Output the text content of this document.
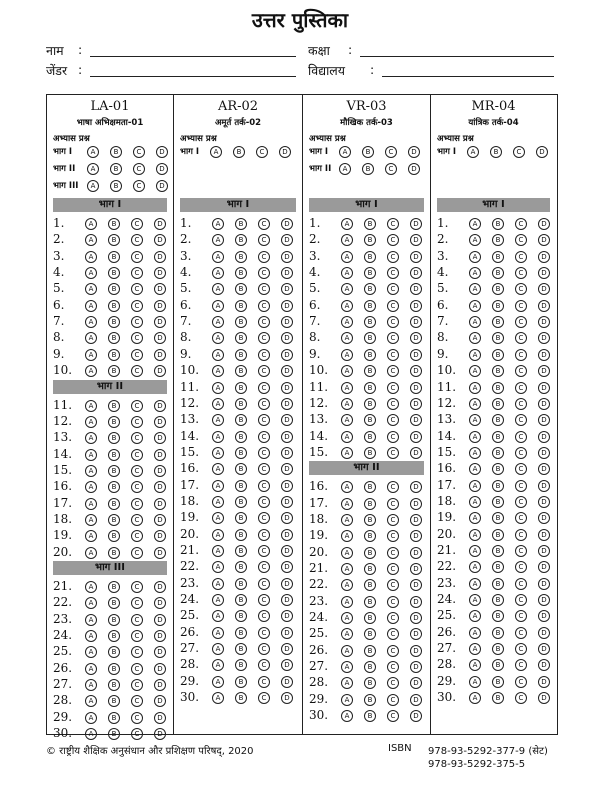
उत्तर पुस्तिका
नाम :	कक्षा :
जेंडर :	विद्यालय :
LA-01
भाषा अभिक्षमता-01
अभ्यास प्रश्न
भाग I	A	B	C	D
भाग II	A	B	C	D
भाग III	A	B	C	D
भाग I
1.	A	B	C	D
2.	A	B	C	D
3.	A	B	C	D
4.	A	B	C	D
5.	A	B	C	D
6.	A	B	C	D
7.	A	B	C	D
8.	A	B	C	D
9.	A	B	C	D
10.	A	B	C	D
भाग II
11.	A	B	C	D
12.	A	B	C	D
13.	A	B	C	D
14.	A	B	C	D
15.	A	B	C	D
16.	A	B	C	D
17.	A	B	C	D
18.	A	B	C	D
19.	A	B	C	D
20.	A	B	C	D
भाग III
21.	A	B	C	D
22.	A	B	C	D
23.	A	B	C	D
24.	A	B	C	D
25.	A	B	C	D
26.	A	B	C	D
27.	A	B	C	D
28.	A	B	C	D
29.	A	B	C	D
30.	A	B	C	D
AR-02
अमूर्त तर्क-02
अभ्यास प्रश्न
भाग I	A	B	C	D
भाग I
1.	A	B	C	D
2.	A	B	C	D
3.	A	B	C	D
4.	A	B	C	D
5.	A	B	C	D
6.	A	B	C	D
7.	A	B	C	D
8.	A	B	C	D
9.	A	B	C	D
10.	A	B	C	D
11.	A	B	C	D
12.	A	B	C	D
13.	A	B	C	D
14.	A	B	C	D
15.	A	B	C	D
16.	A	B	C	D
17.	A	B	C	D
18.	A	B	C	D
19.	A	B	C	D
20.	A	B	C	D
21.	A	B	C	D
22.	A	B	C	D
23.	A	B	C	D
24.	A	B	C	D
25.	A	B	C	D
26.	A	B	C	D
27.	A	B	C	D
28.	A	B	C	D
29.	A	B	C	D
30.	A	B	C	D
VR-03
मौखिक तर्क-03
अभ्यास प्रश्न
भाग I	A	B	C	D
भाग II	A	B	C	D
भाग I
1.	A	B	C	D
2.	A	B	C	D
3.	A	B	C	D
4.	A	B	C	D
5.	A	B	C	D
6.	A	B	C	D
7.	A	B	C	D
8.	A	B	C	D
9.	A	B	C	D
10.	A	B	C	D
11.	A	B	C	D
12.	A	B	C	D
13.	A	B	C	D
14.	A	B	C	D
15.	A	B	C	D
भाग II
16.	A	B	C	D
17.	A	B	C	D
18.	A	B	C	D
19.	A	B	C	D
20.	A	B	C	D
21.	A	B	C	D
22.	A	B	C	D
23.	A	B	C	D
24.	A	B	C	D
25.	A	B	C	D
26.	A	B	C	D
27.	A	B	C	D
28.	A	B	C	D
29.	A	B	C	D
30.	A	B	C	D
MR-04
यांत्रिक तर्क-04
अभ्यास प्रश्न
भाग I	A	B	C	D
भाग I
1.	A	B	C	D
2.	A	B	C	D
3.	A	B	C	D
4.	A	B	C	D
5.	A	B	C	D
6.	A	B	C	D
7.	A	B	C	D
8.	A	B	C	D
9.	A	B	C	D
10.	A	B	C	D
11.	A	B	C	D
12.	A	B	C	D
13.	A	B	C	D
14.	A	B	C	D
15.	A	B	C	D
16.	A	B	C	D
17.	A	B	C	D
18.	A	B	C	D
19.	A	B	C	D
20.	A	B	C	D
21.	A	B	C	D
22.	A	B	C	D
23.	A	B	C	D
24.	A	B	C	D
25.	A	B	C	D
26.	A	B	C	D
27.	A	B	C	D
28.	A	B	C	D
29.	A	B	C	D
30.	A	B	C	D
© राष्ट्रीय शैक्षिक अनुसंधान और प्रशिक्षण परिषद्, 2020	ISBN 978-93-5292-377-9 (सेट)
978-93-5292-375-5
